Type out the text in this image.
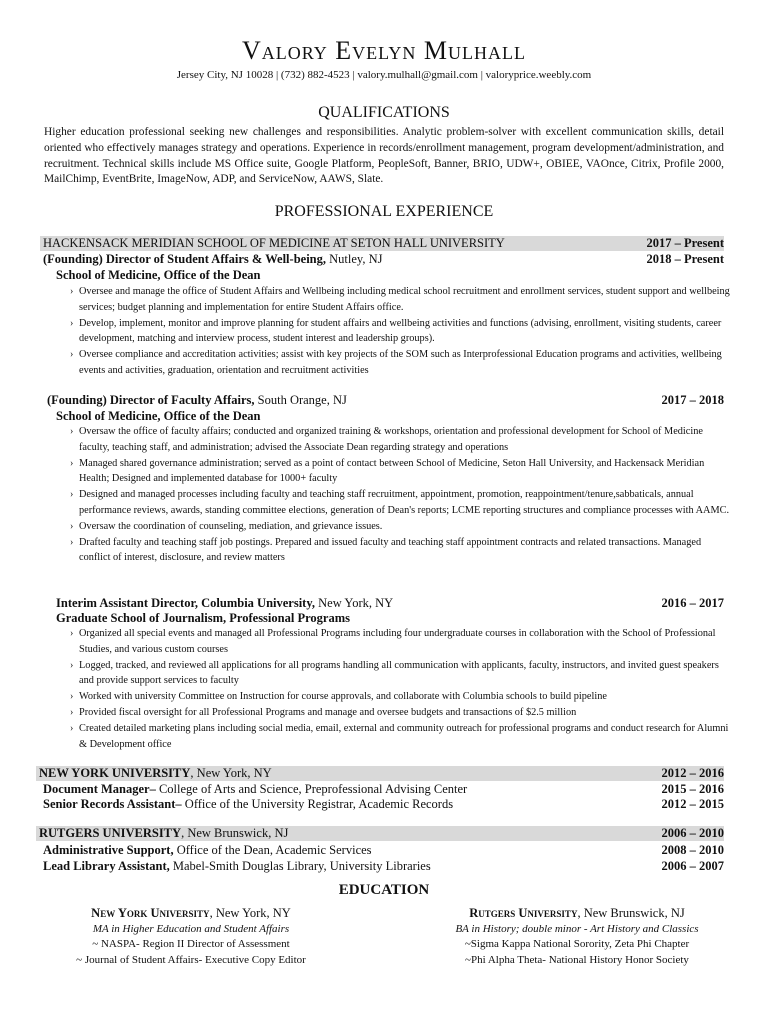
Valory Evelyn Mulhall
Jersey City, NJ 10028 | (732) 882-4523 | valory.mulhall@gmail.com | valoryprice.weebly.com
QUALIFICATIONS
Higher education professional seeking new challenges and responsibilities. Analytic problem-solver with excellent communication skills, detail oriented who effectively manages strategy and operations. Experience in records/enrollment management, program development/administration, and recruitment. Technical skills include MS Office suite, Google Platform, PeopleSoft, Banner, BRIO, UDW+, OBIEE, VAOnce, Citrix, Profile 2000, MailChimp, EventBrite, ImageNow, ADP, and ServiceNow, AAWS, Slate.
PROFESSIONAL EXPERIENCE
HACKENSACK MERIDIAN SCHOOL OF MEDICINE AT SETON HALL UNIVERSITY	2017 – Present
(Founding) Director of Student Affairs & Well-being, Nutley, NJ	2018 – Present
School of Medicine, Office of the Dean
› Oversee and manage the office of Student Affairs and Wellbeing including medical school recruitment and enrollment services, student support and wellbeing services; budget planning and implementation for entire Student Affairs office.
› Develop, implement, monitor and improve planning for student affairs and wellbeing activities and functions (advising, enrollment, visiting students, career development, matching and interview process, student interest and leadership groups).
› Oversee compliance and accreditation activities; assist with key projects of the SOM such as Interprofessional Education programs and activities, wellbeing events and activities, graduation, orientation and recruitment activities
(Founding) Director of Faculty Affairs, South Orange, NJ	2017 – 2018
School of Medicine, Office of the Dean
› Oversaw the office of faculty affairs; conducted and organized training & workshops, orientation and professional development for School of Medicine faculty, teaching staff, and administration; advised the Associate Dean regarding strategy and operations
› Managed shared governance administration; served as a point of contact between School of Medicine, Seton Hall University, and Hackensack Meridian Health; Designed and implemented database for 1000+ faculty
› Designed and managed processes including faculty and teaching staff recruitment, appointment, promotion, reappointment/tenure,sabbaticals, annual performance reviews, awards, standing committee elections, generation of Dean's reports; LCME reporting structures and compliance processes with AAMC.
› Oversaw the coordination of counseling, mediation, and grievance issues.
› Drafted faculty and teaching staff job postings. Prepared and issued faculty and teaching staff appointment contracts and related transactions. Managed conflict of interest, disclosure, and review matters
Interim Assistant Director, Columbia University, New York, NY	2016 – 2017
Graduate School of Journalism, Professional Programs
› Organized all special events and managed all Professional Programs including four undergraduate courses in collaboration with the School of Professional Studies, and various custom courses
› Logged, tracked, and reviewed all applications for all programs handling all communication with applicants, faculty, instructors, and invited guest speakers and provide support services to faculty
› Worked with university Committee on Instruction for course approvals, and collaborate with Columbia schools to build pipeline
› Provided fiscal oversight for all Professional Programs and manage and oversee budgets and transactions of $2.5 million
› Created detailed marketing plans including social media, email, external and community outreach for professional programs and conduct research for Alumni & Development office
NEW YORK UNIVERSITY, New York, NY	2012 – 2016
Document Manager– College of Arts and Science, Preprofessional Advising Center	2015 – 2016
Senior Records Assistant– Office of the University Registrar, Academic Records	2012 – 2015
RUTGERS UNIVERSITY, New Brunswick, NJ	2006 – 2010
Administrative Support, Office of the Dean, Academic Services	2008 – 2010
Lead Library Assistant, Mabel-Smith Douglas Library, University Libraries	2006 – 2007
EDUCATION
New York University, New York, NY
MA in Higher Education and Student Affairs
~ NASPA- Region II Director of Assessment
~ Journal of Student Affairs- Executive Copy Editor
Rutgers University, New Brunswick, NJ
BA in History; double minor - Art History and Classics
~Sigma Kappa National Sorority, Zeta Phi Chapter
~Phi Alpha Theta- National History Honor Society
